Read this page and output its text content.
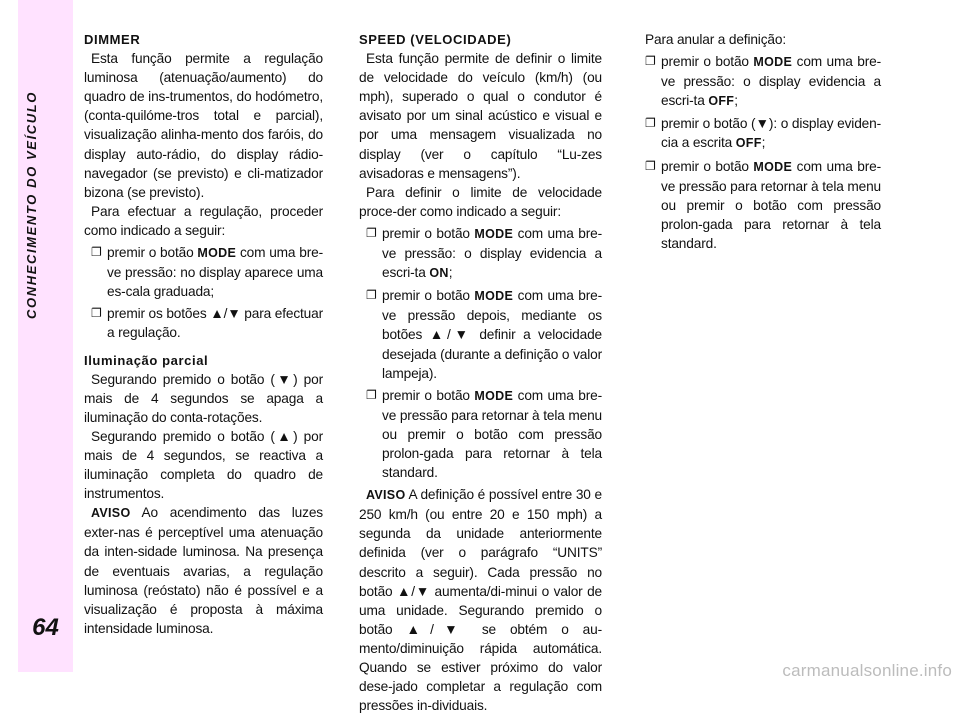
CONHECIMENTO DO VEÍCULO
64

DIMMER

Esta função permite a regulação luminosa (atenuação/aumento) do quadro de ins-trumentos, do hodómetro, (conta-quilóme-tros total e parcial), visualização alinha-mento dos faróis, do display auto-rádio, do display rádio-navegador (se previsto) e cli-matizador bizona (se previsto).

Para efectuar a regulação, proceder como indicado a seguir:

❐ premir o botão MODE com uma bre-ve pressão: no display aparece uma es-cala graduada;
❐ premir os botões ▲/▼ para efectuar a regulação.

Iluminação parcial

Segurando premido o botão (▼) por mais de 4 segundos se apaga a iluminação do conta-rotações.

Segurando premido o botão (▲) por mais de 4 segundos, se reactiva a iluminação completa do quadro de instrumentos.

AVISO Ao acendimento das luzes exter-nas é perceptível uma atenuação da inten-sidade luminosa. Na presença de eventuais avarias, a regulação luminosa (reóstato) não é possível e a visualização é proposta à máxima intensidade luminosa.

SPEED (VELOCIDADE)

Esta função permite de definir o limite de velocidade do veículo (km/h) (ou mph), superado o qual o condutor é avisato por um sinal acústico e visual e por uma mensagem visualizada no display (ver o capítulo “Lu-zes avisadoras e mensagens”).

Para definir o limite de velocidade proce-der como indicado a seguir:

❐ premir o botão MODE com uma bre-ve pressão: o display evidencia a escri-ta ON;
❐ premir o botão MODE com uma bre-ve pressão depois, mediante os botões ▲/▼ definir a velocidade desejada (durante a definição o valor lampeja).
❐ premir o botão MODE com uma bre-ve pressão para retornar à tela menu ou premir o botão com pressão prolon-gada para retornar à tela standard.

AVISO A definição é possível entre 30 e 250 km/h (ou entre 20 e 150 mph) a segunda da unidade anteriormente definida (ver o parágrafo “UNITS” descrito a seguir). Cada pressão no botão ▲/▼ aumenta/di-minui o valor de uma unidade. Segurando premido o botão ▲/▼ se obtém o au-mento/diminuição rápida automática. Quando se estiver próximo do valor dese-jado completar a regulação com pressões in-dividuais.

Para anular a definição:

❐ premir o botão MODE com uma bre-ve pressão: o display evidencia a escri-ta OFF;
❐ premir o botão (▼): o display eviden-cia a escrita OFF;
❐ premir o botão MODE com uma bre-ve pressão para retornar à tela menu ou premir o botão com pressão prolon-gada para retornar à tela standard.
carmanualsonline.info
